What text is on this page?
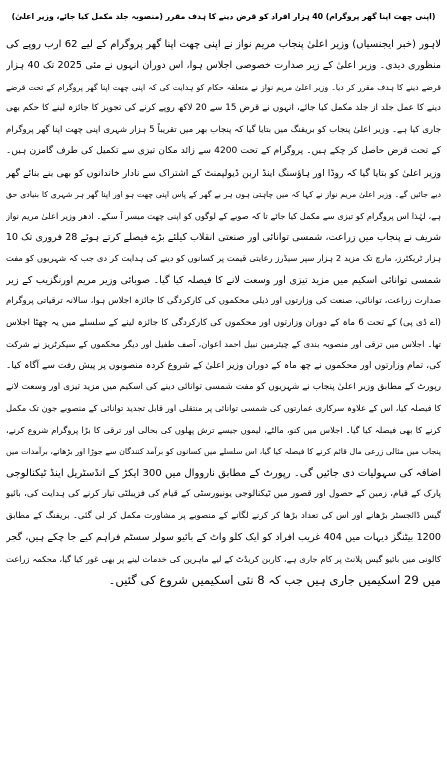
(اپنی چھت اپنا گھر پروگرام) 40 ہزار افراد کو قرض دینے کا ہدف مقرر (منصوبہ جلد مکمل کیا جائے، وزیر اعلیٰ)
لاہور (خبر ایجنسیاں) وزیر اعلیٰ پنجاب مریم نواز نے اپنی چھت اپنا گھر پروگرام کے لیے 62 ارب روپے کی
منظوری دیدی۔ وزیر اعلیٰ کے زیر صدارت خصوصی اجلاس ہوا، اس دوران انہوں نے مئی 2025 تک 40 ہزار
قرضے دینے کا ہدف مقرر کر دیا۔ وزیر اعلیٰ مریم نواز نے متعلقہ حکام کو ہدایت کی کہ اپنی چھت اپنا گھر پروگرام کے تحت قرضے
دینے کا عمل جلد از جلد مکمل کیا جائے، انہوں نے قرض 15 سے 20 لاکھ روپے کرنے کی تجویز کا جائزہ لینے کا حکم بھی
جاری کیا ہے۔ وزیر اعلیٰ پنجاب کو بریفنگ میں بتایا گیا کہ پنجاب بھر میں تقریباً 5 ہزار شہری اپنی چھت اپنا گھر پروگرام
کے تحت قرض حاصل کر چکے ہیں۔ پروگرام کے تحت 4200 سے زائد مکان تیزی سے تکمیل کی طرف گامزن ہیں۔
وزیر اعلیٰ کو بتایا گیا کہ روڈا اور ہاؤسنگ اینڈ اربن ڈیولپمنٹ کے اشتراک سے نادار خاندانوں کو بھی بنے بنائے گھر
دیے جائیں گے۔ وزیر اعلیٰ مریم نواز نے کہا کہ میں چاہتی ہوں ہر بے گھر کے پاس اپنی چھت ہو اور اپنا گھر ہر شہری کا بنیادی حق
ہے، لہٰذا اس پروگرام کو تیزی سے مکمل کیا جائے تا کہ صوبے کے لوگوں کو اپنی چھت میسر آ سکے۔ ادھر وزیر اعلیٰ مریم نواز
شریف نے پنجاب میں زراعت، شمسی توانائی اور صنعتی انقلاب کیلئے بڑے فیصلے کرتے ہوئے 28 فروری تک 10
ہزار ٹریکٹرز، مارچ تک مزید 2 ہزار سپر سیڈرز رعایتی قیمت پر کسانوں کو دینے کی ہدایت کر دی جب کہ شہریوں کو مفت
شمسی توانائی اسکیم میں مزید تیزی اور وسعت لانے کا فیصلہ کیا گیا۔ صوبائی وزیر مریم اورنگزیب کے زیر
صدارت زراعت، توانائی، صنعت کی وزارتوں اور ذیلی محکموں کی کارکردگی کا جائزہ اجلاس ہوا، سالانہ ترقیاتی پروگرام
(اے ڈی پی) کے تحت 6 ماہ کے دوران وزارتوں اور محکموں کی کارکردگی کا جائزہ لینے کے سلسلے میں یہ چھٹا اجلاس
تھا۔ اجلاس میں ترقی اور منصوبہ بندی کے چیئرمین نبیل احمد اعوان، آصف طفیل اور دیگر محکموں کے سیکرٹریز نے شرکت
کی، تمام وزارتوں اور محکموں نے چھ ماہ کے دوران وزیر اعلیٰ کے شروع کردہ منصوبوں پر پیش رفت سے آگاہ کیا۔
رپورٹ کے مطابق وزیر اعلیٰ پنجاب نے شہریوں کو مفت شمسی توانائی دینے کی اسکیم میں مزید تیزی اور وسعت لانے
کا فیصلہ کیا، اس کے علاوہ سرکاری عمارتوں کی شمسی توانائی پر منتقلی اور قابل تجدید توانائی کے منصوبے جون تک مکمل
کرنے کا بھی فیصلہ کیا گیا۔ اجلاس میں کنو، مالٹے، لیموں جیسے ترش پھلوں کی بحالی اور ترقی کا بڑا پروگرام شروع کرنے،
پنجاب میں مثالی زرعی مال قائم کرنے کا فیصلہ کیا گیا، اس سلسلے میں کسانوں کو برآمد کنندگان سے جوڑا اور بڑھانے، برآمدات میں
اضافہ کی سہولیات دی جائیں گی۔ رپورٹ کے مطابق نارووال میں 300 ایکڑ کے انڈسٹریل اینڈ ٹیکنالوجی
پارک کے قیام، زمین کے حصول اور قصور میں ٹیکنالوجی یونیورسٹی کے قیام کی فزیبلٹی تیار کرنے کی ہدایت کی، بائیو
گیس ڈائجسٹر بڑھانے اور اس کی تعداد بڑھا کر کرنے لگانے کے منصوبے پر مشاورت مکمل کر لی گئی۔ بریفنگ کے مطابق
1200 بیٹنگز دیہات میں 404 غریب افراد کو ایک کلو واٹ کے بائیو سولر سسٹم فراہم کیے جا چکے ہیں، گجر
کالونی میں بائیو گیس پلانٹ پر کام جاری ہے، کاربن کریڈٹ کے لیے ماہرین کی خدمات لینے پر بھی غور کیا گیا، محکمہ زراعت
میں 29 اسکیمیں جاری ہیں جب کہ 8 نئی اسکیمیں شروع کی گئیں۔
